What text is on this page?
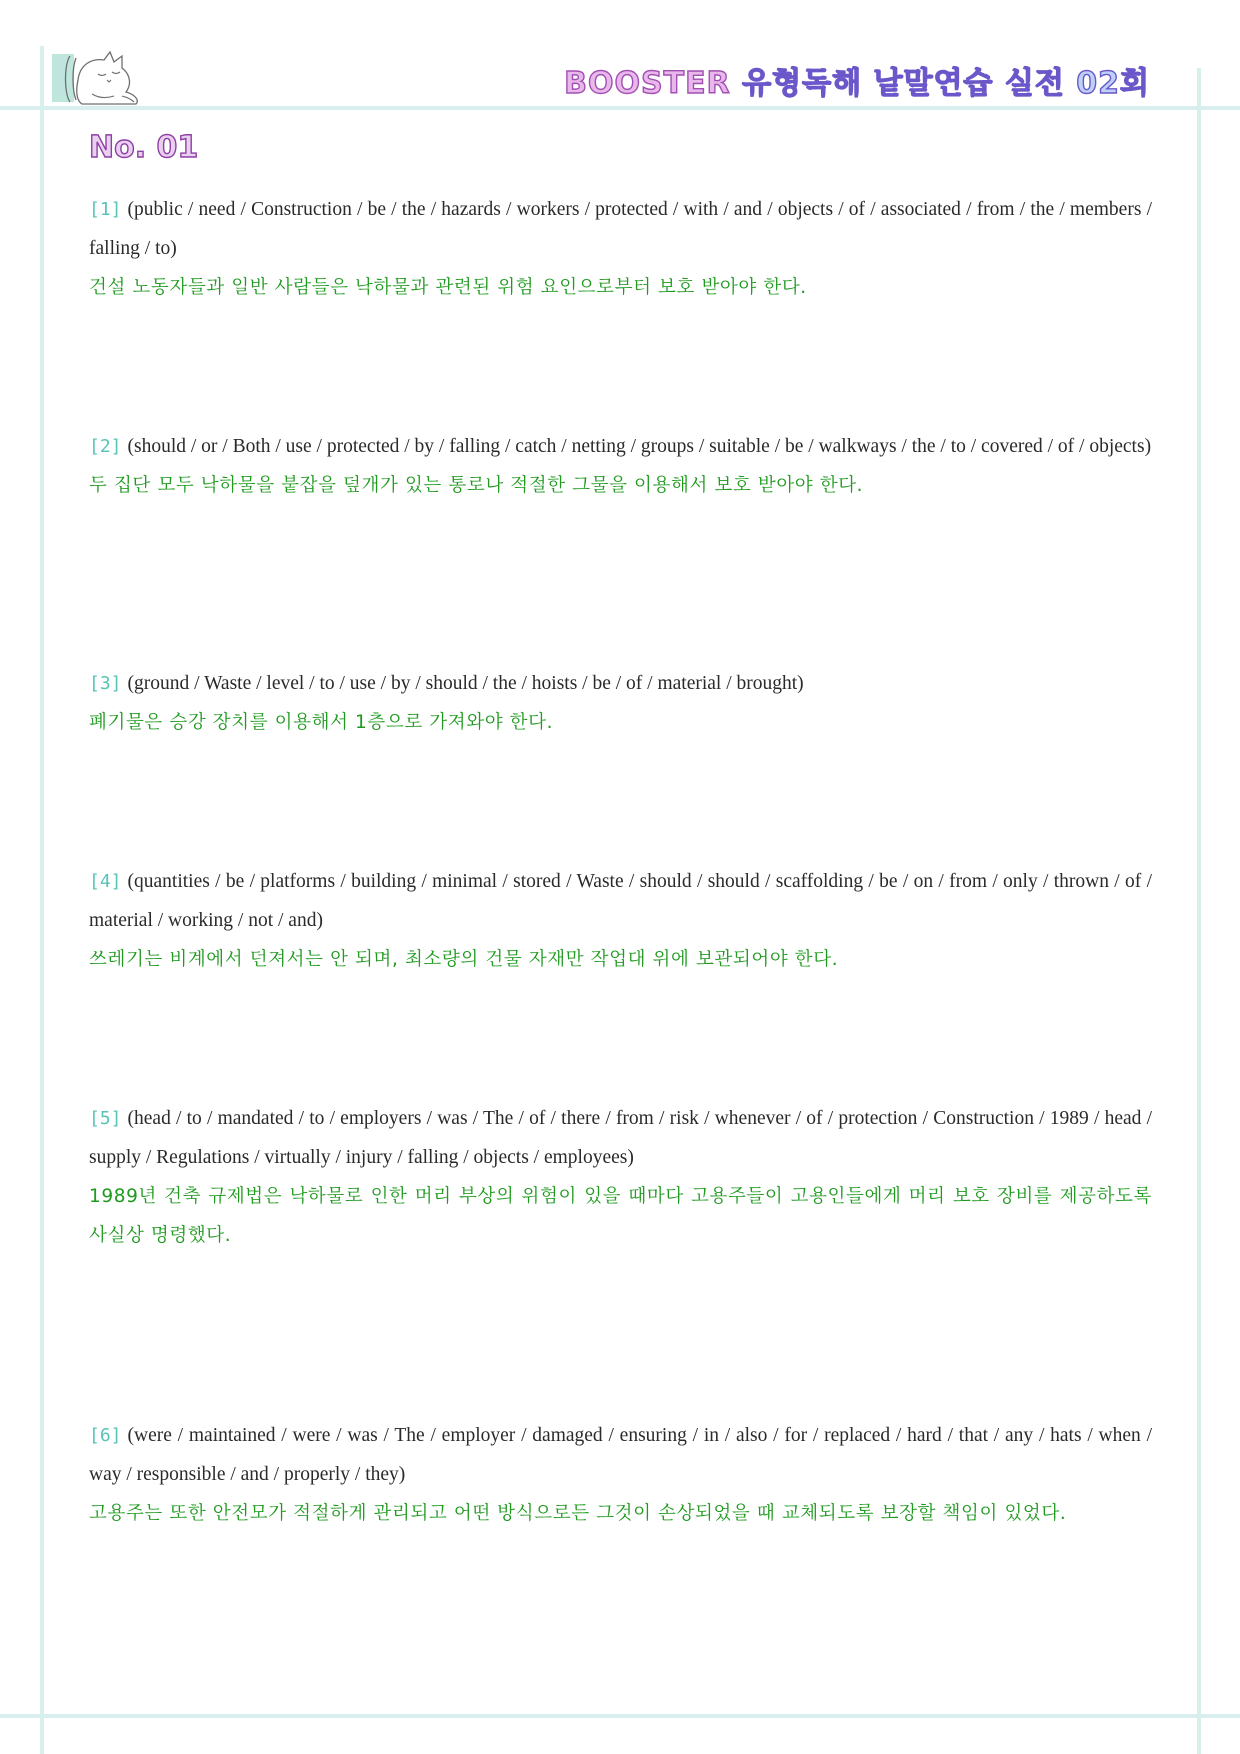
BOOSTER 유형독해 낱말연습 실전 02회
No. 01
[1] (public / need / Construction / be / the / hazards / workers / protected / with / and / objects / of / associated / from / the / members / falling / to)
건설 노동자들과 일반 사람들은 낙하물과 관련된 위험 요인으로부터 보호 받아야 한다.
[2] (should / or / Both / use / protected / by / falling / catch / netting / groups / suitable / be / walkways / the / to / covered / of / objects)
두 집단 모두 낙하물을 붙잡을 덮개가 있는 통로나 적절한 그물을 이용해서 보호 받아야 한다.
[3] (ground / Waste / level / to / use / by / should / the / hoists / be / of / material / brought)
폐기물은 승강 장치를 이용해서 1층으로 가져와야 한다.
[4] (quantities / be / platforms / building / minimal / stored / Waste / should / should / scaffolding / be / on / from / only / thrown / of / material / working / not / and)
쓰레기는 비계에서 던져서는 안 되며, 최소량의 건물 자재만 작업대 위에 보관되어야 한다.
[5] (head / to / mandated / to / employers / was / The / of / there / from / risk / whenever / of / protection / Construction / 1989 / head / supply / Regulations / virtually / injury / falling / objects / employees)
1989년 건축 규제법은 낙하물로 인한 머리 부상의 위험이 있을 때마다 고용주들이 고용인들에게 머리 보호 장비를 제공하도록 사실상 명령했다.
[6] (were / maintained / were / was / The / employer / damaged / ensuring / in / also / for / replaced / hard / that / any / hats / when / way / responsible / and / properly / they)
고용주는 또한 안전모가 적절하게 관리되고 어떤 방식으로든 그것이 손상되었을 때 교체되도록 보장할 책임이 있었다.
